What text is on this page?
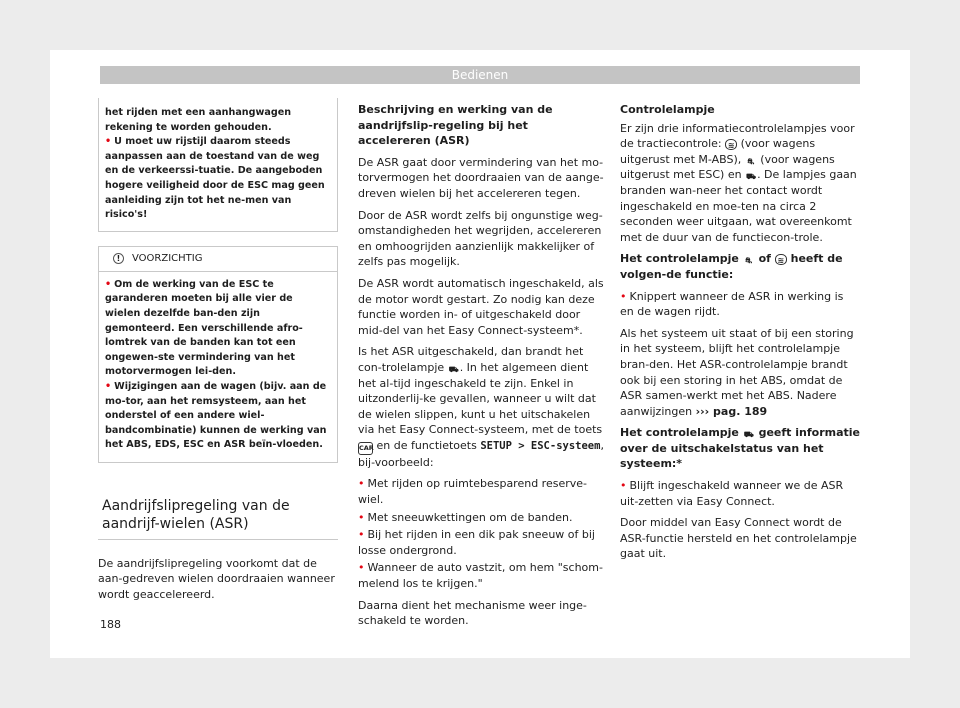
Bedienen

het rijden met een aanhangwagen rekening te worden gehouden.

• U moet uw rijstijl daarom steeds aanpassen aan de toestand van de weg en de verkeerssi-tuatie. De aangeboden hogere veiligheid door de ESC mag geen aanleiding zijn tot het ne-men van risico's!

!	VOORZICHTIG

• Om de werking van de ESC te garanderen moeten bij alle vier de wielen dezelfde ban-den zijn gemonteerd. Een verschillende afro-lomtrek van de banden kan tot een ongewen-ste vermindering van het motorvermogen lei-den.

• Wijzigingen aan de wagen (bijv. aan de mo-tor, aan het remsysteem, aan het onderstel of een andere wiel-bandcombinatie) kunnen de werking van het ABS, EDS, ESC en ASR beïn-vloeden.

Aandrijfslipregeling van de aandrijf-wielen (ASR)
De aandrijfslipregeling voorkomt dat de aan-gedreven wielen doordraaien wanneer wordt geaccelereerd.

Beschrijving en werking van de aandrijfslip-regeling bij het accelereren (ASR)

De ASR gaat door vermindering van het mo-torvermogen het doordraaien van de aange-dreven wielen bij het accelereren tegen.

Door de ASR wordt zelfs bij ongunstige weg-omstandigheden het wegrijden, accelereren en omhoogrijden aanzienlijk makkelijker of zelfs pas mogelijk.

De ASR wordt automatisch ingeschakeld, als de motor wordt gestart. Zo nodig kan deze functie worden in- of uitgeschakeld door mid-del van het Easy Connect-systeem*.

Is het ASR uitgeschakeld, dan brandt het con-trolelampje ⛟. In het algemeen dient het al-tijd ingeschakeld te zijn. Enkel in uitzonderlij-ke gevallen, wanneer u wilt dat de wielen slippen, kunt u het uitschakelen via het Easy Connect-systeem, met de toets CAR en de functietoets SETUP > ESC-systeem, bij-voorbeeld:

• Met rijden op ruimtebesparend reserve-wiel.

• Met sneeuwkettingen om de banden.

• Bij het rijden in een dik pak sneeuw of bij losse ondergrond.

• Wanneer de auto vastzit, om hem "schom-melend los te krijgen."

Daarna dient het mechanisme weer inge-schakeld te worden.

Controlelampje

Er zijn drie informatiecontrolelampjes voor de tractiecontrole: ≋ (voor wagens uitgerust met M-ABS), ⛐ (voor wagens uitgerust met ESC) en ⛟. De lampjes gaan branden wan-neer het contact wordt ingeschakeld en moe-ten na circa 2 seconden weer uitgaan, wat overeenkomt met de duur van de functiecon-trole.

Het controlelampje ⛐ of ≋ heeft de volgen-de functie:

• Knippert wanneer de ASR in werking is en de wagen rijdt.

Als het systeem uit staat of bij een storing in het systeem, blijft het controlelampje bran-den. Het ASR-controlelampje brandt ook bij een storing in het ABS, omdat de ASR samen-werkt met het ABS. Nadere aanwijzingen ››› pag. 189

Het controlelampje ⛟ geeft informatie over de uitschakelstatus van het systeem:*

• Blijft ingeschakeld wanneer we de ASR uit-zetten via Easy Connect.

Door middel van Easy Connect wordt de ASR-functie hersteld en het controlelampje gaat uit.

188
